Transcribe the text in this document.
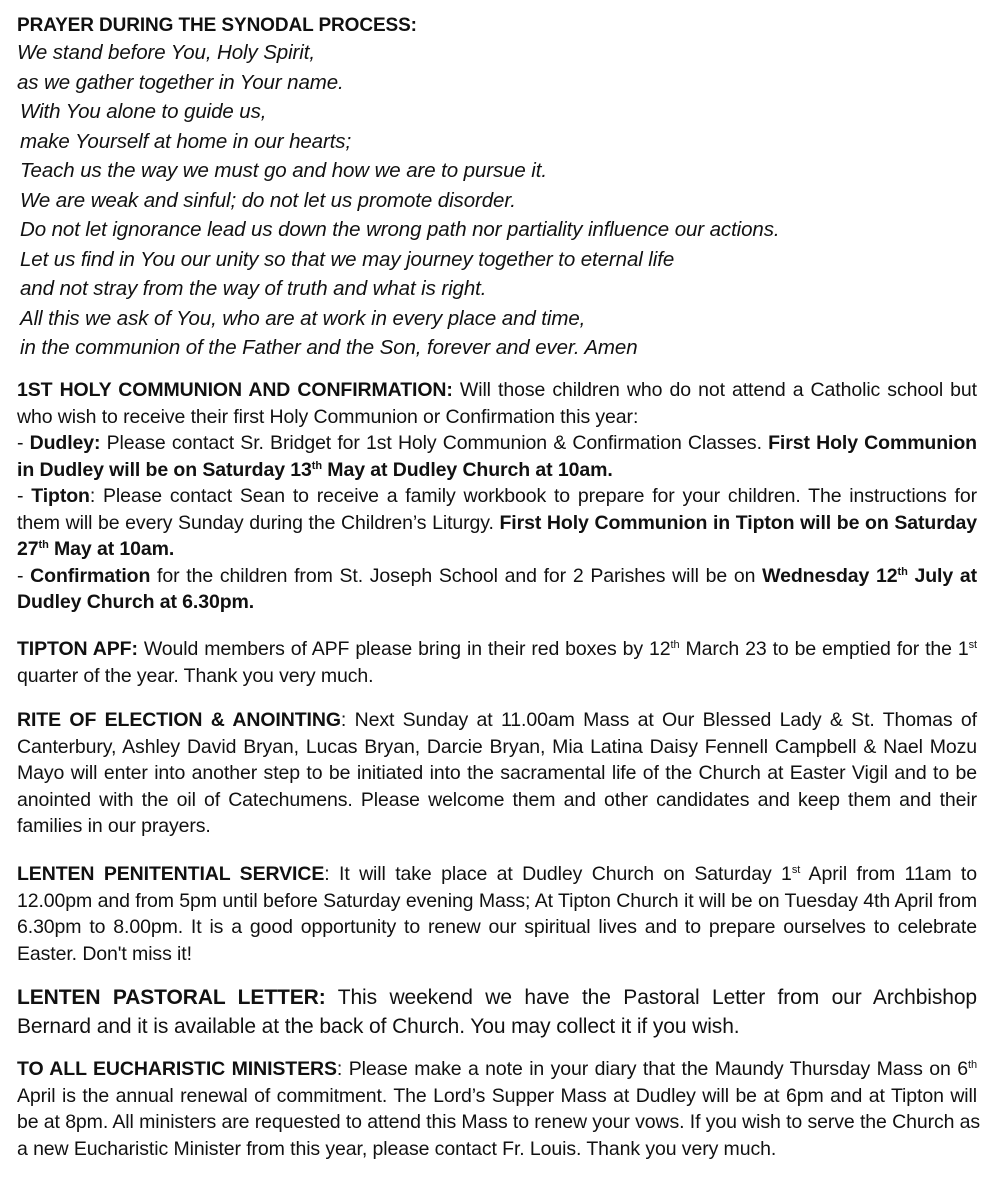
PRAYER DURING THE SYNODAL PROCESS:
We stand before You, Holy Spirit,
as we gather together in Your name.
With You alone to guide us,
make Yourself at home in our hearts;
Teach us the way we must go and how we are to pursue it.
We are weak and sinful; do not let us promote disorder.
Do not let ignorance lead us down the wrong path nor partiality influence our actions.
Let us find in You our unity so that we may journey together to eternal life
and not stray from the way of truth and what is right.
All this we ask of You, who are at work in every place and time,
in the communion of the Father and the Son, forever and ever. Amen
1ST HOLY COMMUNION AND CONFIRMATION: Will those children who do not attend a Catholic school but
who wish to receive their first Holy Communion or Confirmation this year:
- Dudley: Please contact Sr. Bridget for 1st Holy Communion & Confirmation Classes. First Holy Communion
in Dudley will be on Saturday 13th May at Dudley Church at 10am.
- Tipton: Please contact Sean to receive a family workbook to prepare for your children. The instructions for
them will be every Sunday during the Children’s Liturgy. First Holy Communion in Tipton will be on Saturday
27th May at 10am.
- Confirmation for the children from St. Joseph School and for 2 Parishes will be on Wednesday 12th July at
Dudley Church at 6.30pm.
TIPTON APF: Would members of APF please bring in their red boxes by 12th March 23 to be emptied for the 1st
quarter of the year. Thank you very much.
RITE OF ELECTION & ANOINTING: Next Sunday at 11.00am Mass at Our Blessed Lady & St. Thomas of
Canterbury, Ashley David Bryan, Lucas Bryan, Darcie Bryan, Mia Latina Daisy Fennell Campbell & Nael Mozu
Mayo will enter into another step to be initiated into the sacramental life of the Church at Easter Vigil and to be
anointed with the oil of Catechumens. Please welcome them and other candidates and keep them and their
families in our prayers.
LENTEN PENITENTIAL SERVICE: It will take place at Dudley Church on Saturday 1st April from 11am to
12.00pm and from 5pm until before Saturday evening Mass; At Tipton Church it will be on Tuesday 4th April from
6.30pm to 8.00pm. It is a good opportunity to renew our spiritual lives and to prepare ourselves to celebrate
Easter. Don't miss it!
LENTEN PASTORAL LETTER: This weekend we have the Pastoral Letter from our Archbishop
Bernard and it is available at the back of Church. You may collect it if you wish.
TO ALL EUCHARISTIC MINISTERS: Please make a note in your diary that the Maundy Thursday Mass on 6th
April is the annual renewal of commitment. The Lord’s Supper Mass at Dudley will be at 6pm and at Tipton will
be at 8pm. All ministers are requested to attend this Mass to renew your vows. If you wish to serve the Church as
a new Eucharistic Minister from this year, please contact Fr. Louis. Thank you very much.
